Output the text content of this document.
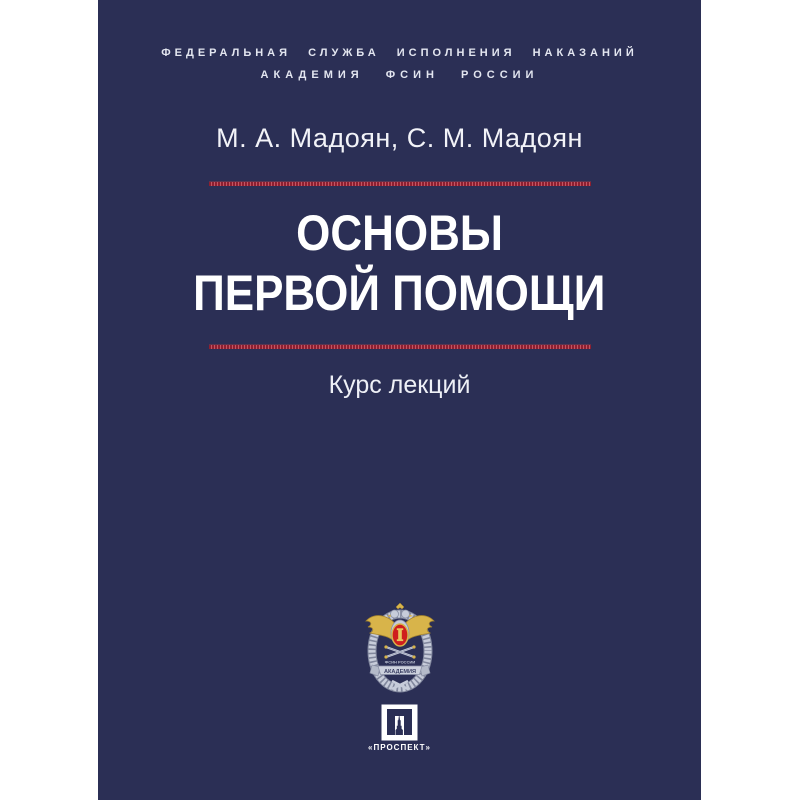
ФЕДЕРАЛЬНАЯ СЛУЖБА ИСПОЛНЕНИЯ НАКАЗАНИЙ
АКАДЕМИЯ ФСИН РОССИИ
М. А. Мадоян, С. М. Мадоян
ОСНОВЫ
ПЕРВОЙ ПОМОЩИ
Курс лекций
ФСИН РОССИИ
АКАДЕМИЯ
«ПРОСПЕКТ»
